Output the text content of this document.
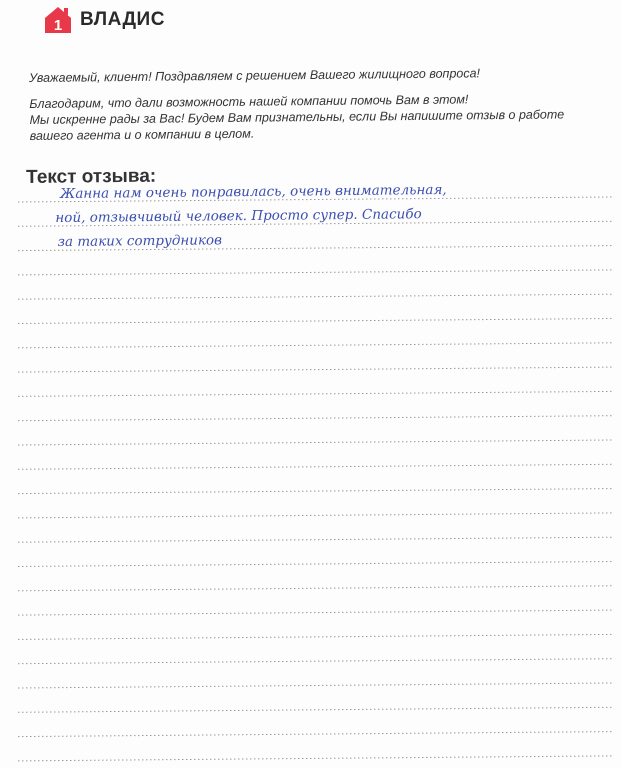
1 ВЛАДИС

Уважаемый, клиент! Поздравляем с решением Вашего жилищного вопроса!

Благодарим, что дали возможность нашей компании помочь Вам в этом!

Мы искренне рады за Вас! Будем Вам признательны, если Вы напишите отзыв о работе

вашего агента и о компании в целом.

Текст отзыва:
Жанна нам очень понравилась, очень внимательная,
ной, отзывчивый человек. Просто супер. Спасибо
за таких сотрудников
